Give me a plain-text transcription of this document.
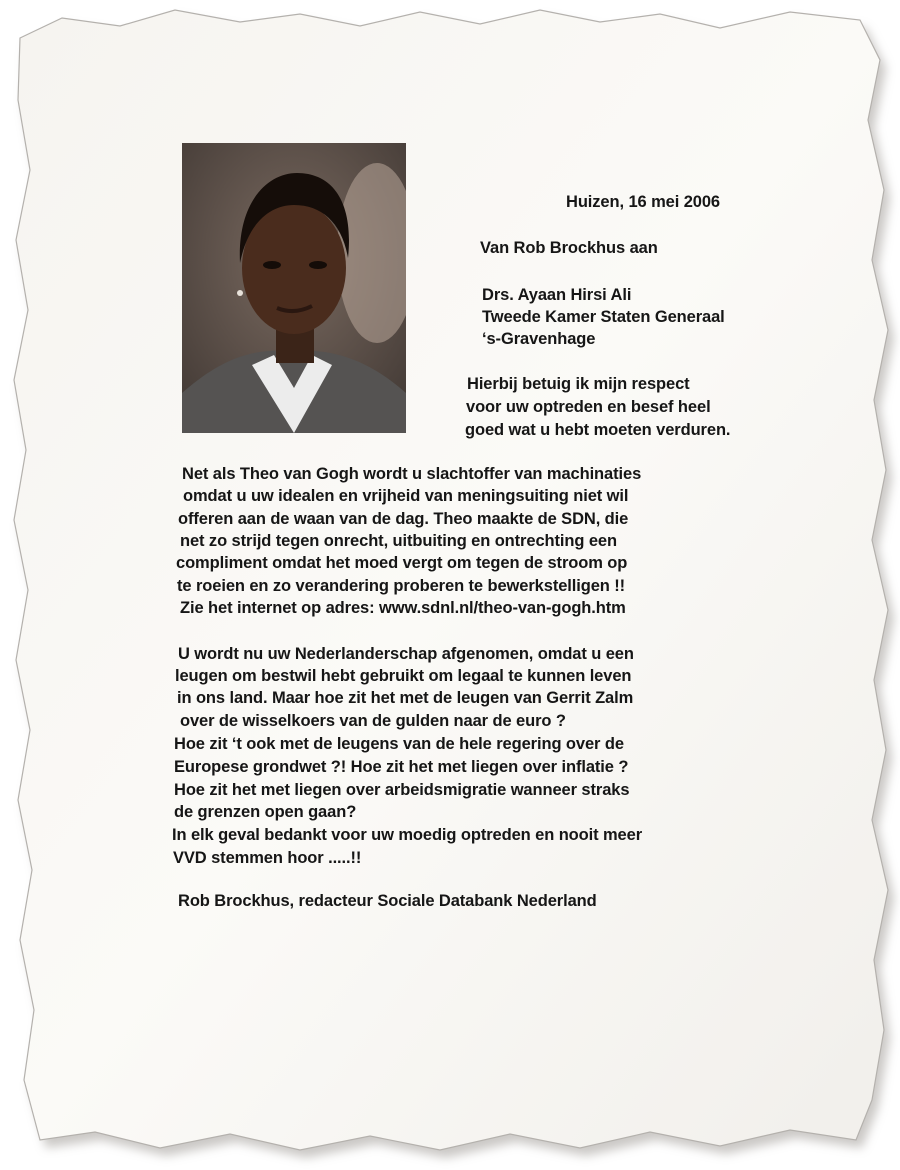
Huizen, 16 mei 2006

Van Rob Brockhus aan

Drs. Ayaan Hirsi Ali

Tweede Kamer Staten Generaal

‘s-Gravenhage

Hierbij betuig ik mijn respect

voor uw optreden en besef heel

goed wat u hebt moeten verduren.

Net als Theo van Gogh wordt u slachtoffer van machinaties

omdat u uw idealen en vrijheid van meningsuiting niet wil

offeren aan de waan van de dag. Theo maakte de SDN, die

net zo strijd tegen onrecht, uitbuiting en ontrechting een

compliment omdat het moed vergt om tegen de stroom op

te roeien en zo verandering proberen te bewerkstelligen !!

Zie het internet op adres: www.sdnl.nl/theo-van-gogh.htm

U wordt nu uw Nederlanderschap afgenomen, omdat u een

leugen om bestwil hebt gebruikt om legaal te kunnen leven

in ons land. Maar hoe zit het met de leugen van Gerrit Zalm

over de wisselkoers van de gulden naar de euro ?

Hoe zit ‘t ook met de leugens van de hele regering over de

Europese grondwet ?! Hoe zit het met liegen over inflatie ?

Hoe zit het met liegen over arbeidsmigratie wanneer straks

de grenzen open gaan?

In elk geval bedankt voor uw moedig optreden en nooit meer

VVD stemmen hoor .....!!

Rob Brockhus, redacteur Sociale Databank Nederland
